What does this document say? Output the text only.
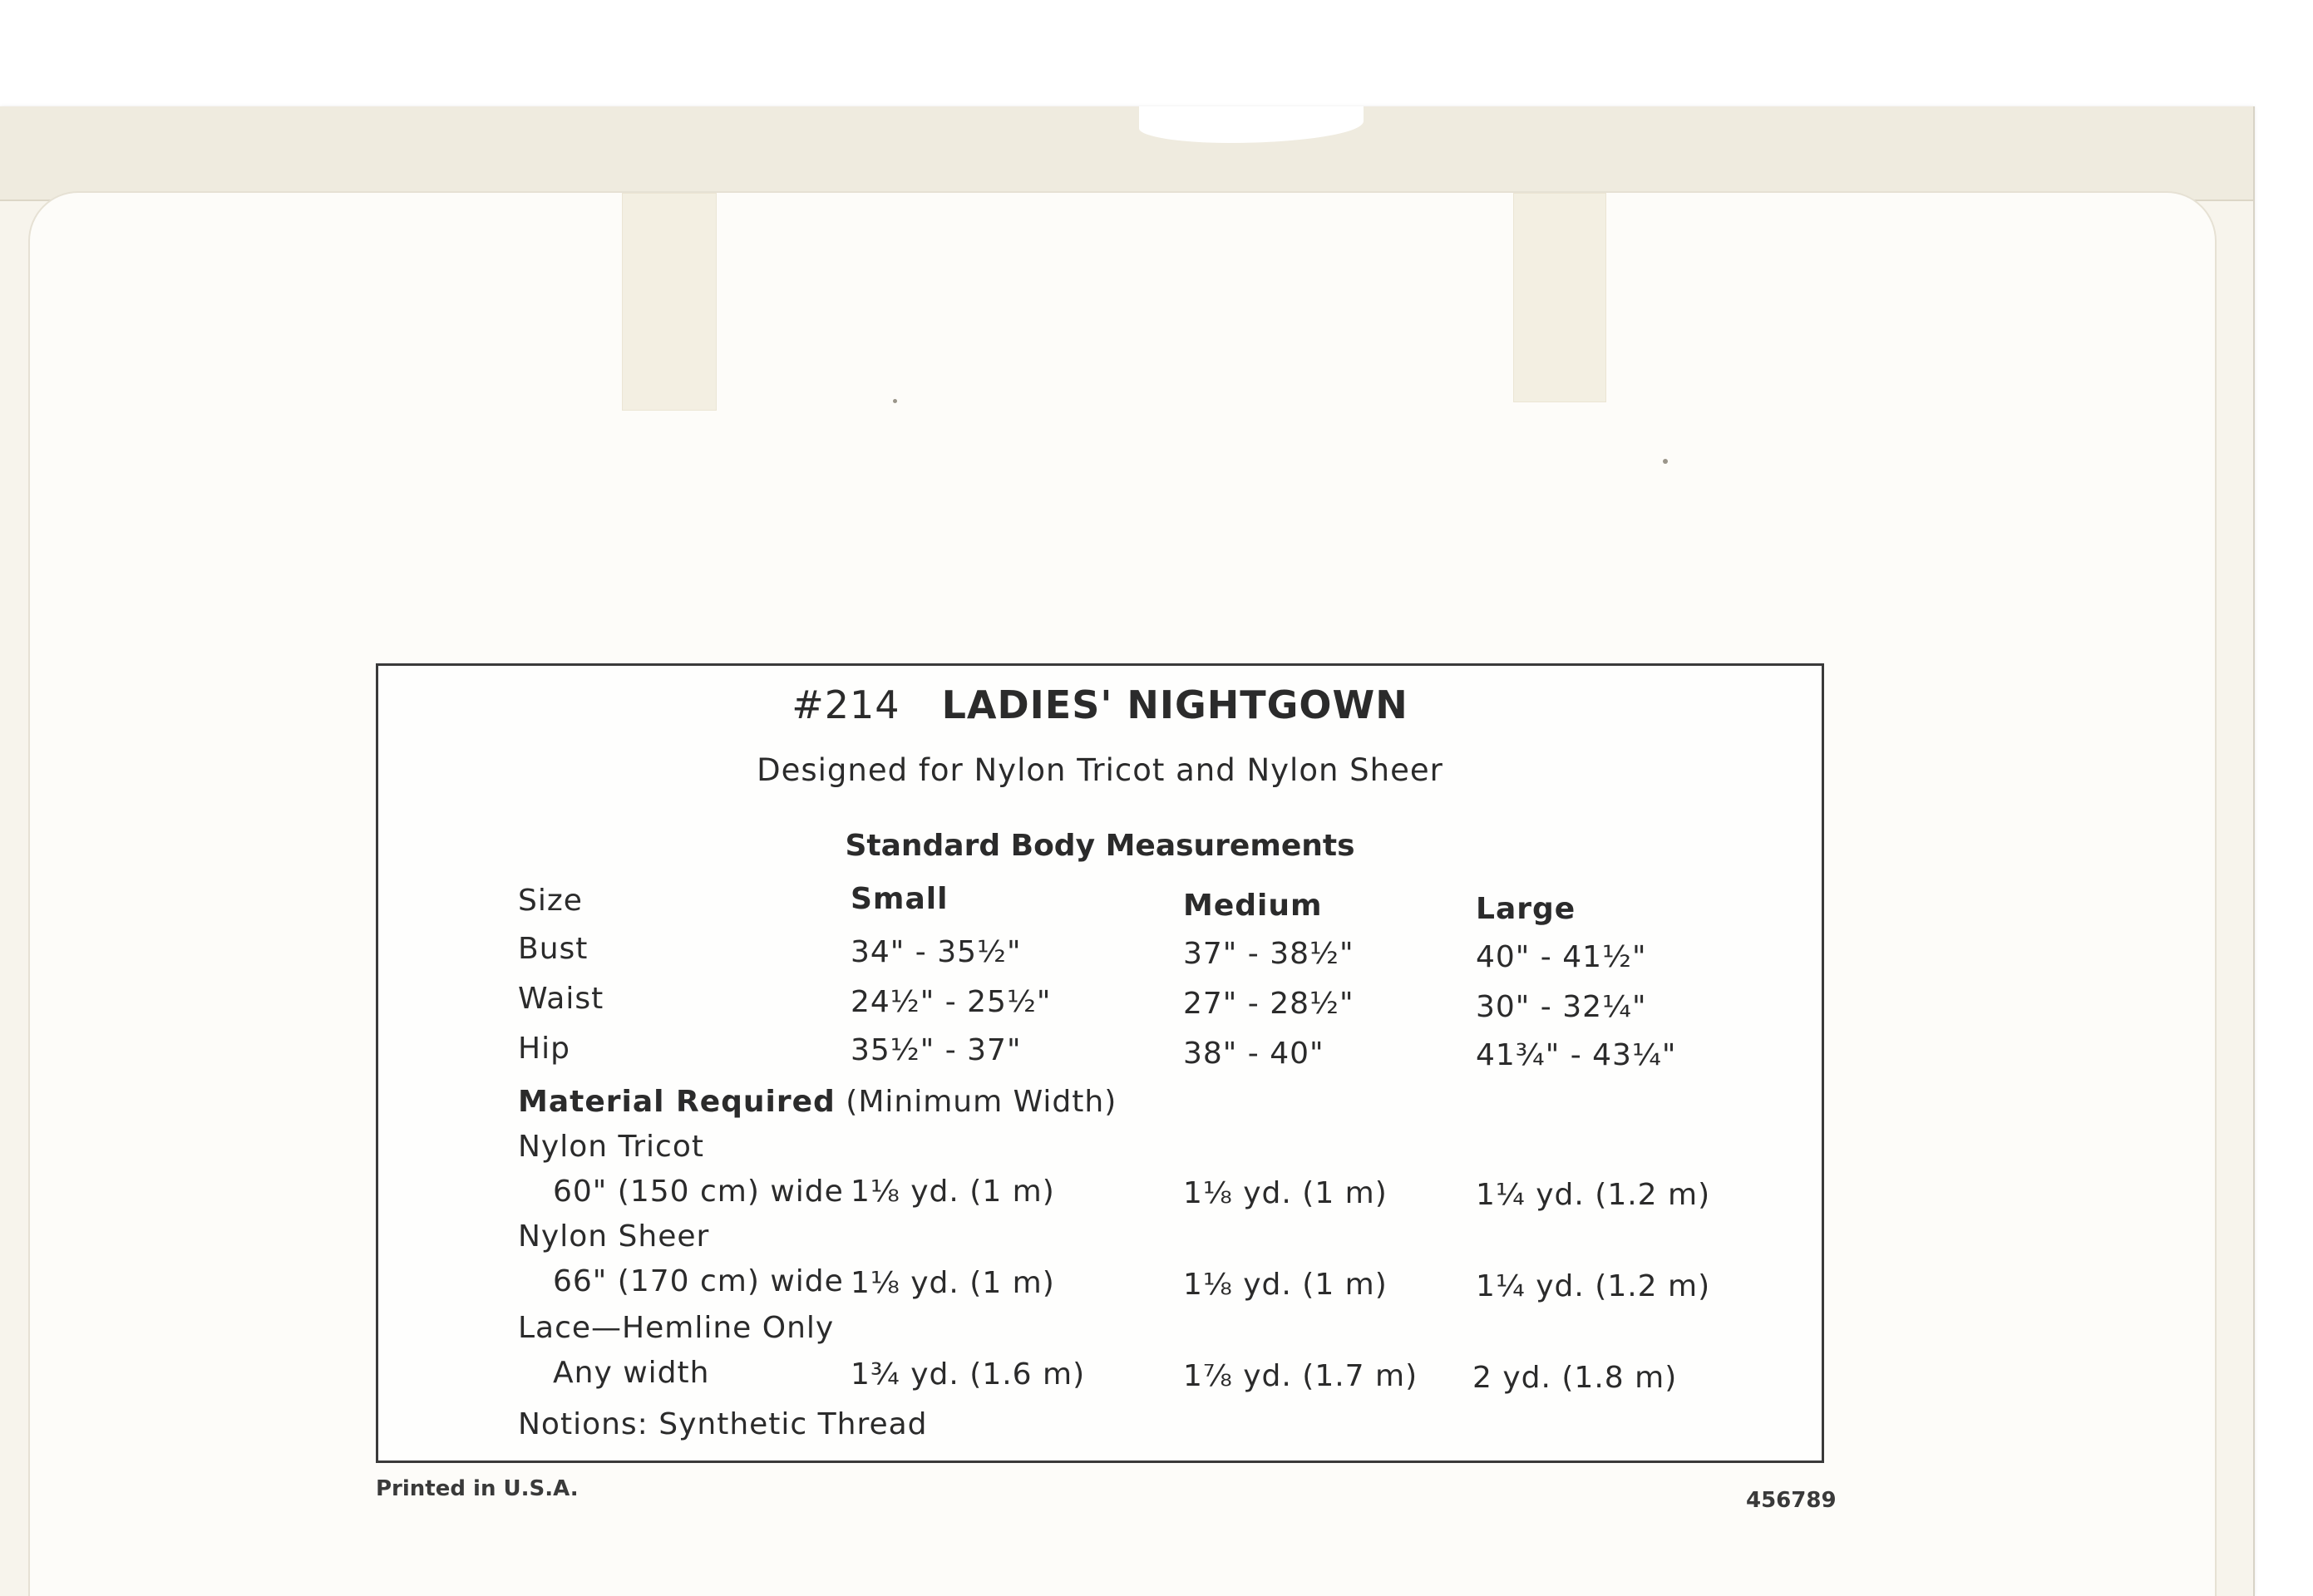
#214 LADIES' NIGHTGOWN
Designed for Nylon Tricot and Nylon Sheer
Standard Body Measurements
Size	Small	Medium	Large
Bust	34" - 35½"	37" - 38½"	40" - 41½"
Waist	24½" - 25½"	27" - 28½"	30" - 32¼"
Hip	35½" - 37"	38" - 40"	41¾" - 43¼"
Material Required (Minimum Width)
Nylon Tricot
60" (150 cm) wide 1⅛ yd. (1 m)	1⅛ yd. (1 m)	1¼ yd. (1.2 m)
Nylon Sheer
66" (170 cm) wide 1⅛ yd. (1 m)	1⅛ yd. (1 m)	1¼ yd. (1.2 m)
Lace—Hemline Only
Any width	1¾ yd. (1.6 m)	1⅞ yd. (1.7 m) 2 yd. (1.8 m)
Notions: Synthetic Thread
Printed in U.S.A.	456789
